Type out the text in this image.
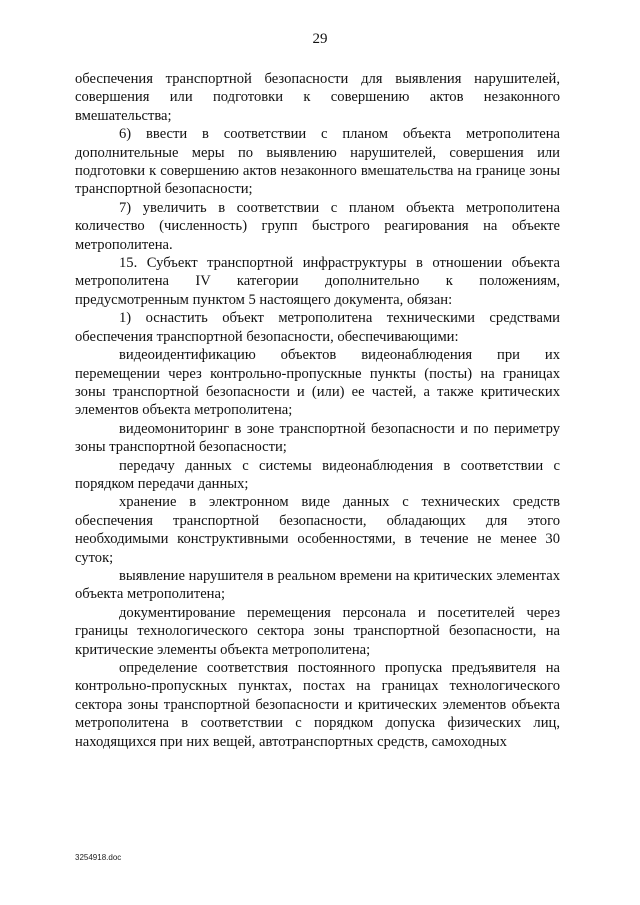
29

обеспечения транспортной безопасности для выявления нарушителей, совершения или подготовки к совершению актов незаконного вмешательства;

6) ввести в соответствии с планом объекта метрополитена дополнительные меры по выявлению нарушителей, совершения или подготовки к совершению актов незаконного вмешательства на границе зоны транспортной безопасности;

7) увеличить в соответствии с планом объекта метрополитена количество (численность) групп быстрого реагирования на объекте метрополитена.

15. Субъект транспортной инфраструктуры в отношении объекта метрополитена IV категории дополнительно к положениям, предусмотренным пунктом 5 настоящего документа, обязан:

1) оснастить объект метрополитена техническими средствами обеспечения транспортной безопасности, обеспечивающими:

видеоидентификацию объектов видеонаблюдения при их перемещении через контрольно-пропускные пункты (посты) на границах зоны транспортной безопасности и (или) ее частей, а также критических элементов объекта метрополитена;

видеомониторинг в зоне транспортной безопасности и по периметру зоны транспортной безопасности;

передачу данных с системы видеонаблюдения в соответствии с порядком передачи данных;

хранение в электронном виде данных с технических средств обеспечения транспортной безопасности, обладающих для этого необходимыми конструктивными особенностями, в течение не менее 30 суток;

выявление нарушителя в реальном времени на критических элементах объекта метрополитена;

документирование перемещения персонала и посетителей через границы технологического сектора зоны транспортной безопасности, на критические элементы объекта метрополитена;

определение соответствия постоянного пропуска предъявителя на контрольно-пропускных пунктах, постах на границах технологического сектора зоны транспортной безопасности и критических элементов объекта метрополитена в соответствии с порядком допуска физических лиц, находящихся при них вещей, автотранспортных средств, самоходных

3254918.doc
